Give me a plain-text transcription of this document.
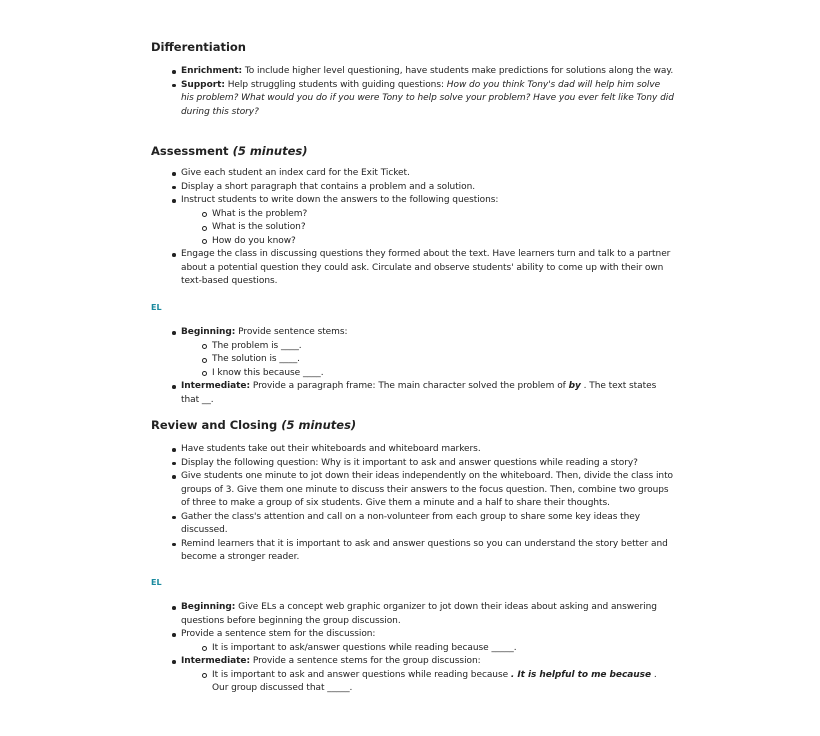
Differentiation
Enrichment: To include higher level questioning, have students make predictions for solutions along the way.
Support: Help struggling students with guiding questions: How do you think Tony's dad will help him solve his problem? What would you do if you were Tony to help solve your problem? Have you ever felt like Tony did during this story?
Assessment (5 minutes)
Give each student an index card for the Exit Ticket.
Display a short paragraph that contains a problem and a solution.
Instruct students to write down the answers to the following questions:
What is the problem?
What is the solution?
How do you know?
Engage the class in discussing questions they formed about the text. Have learners turn and talk to a partner about a potential question they could ask. Circulate and observe students' ability to come up with their own text-based questions.
EL
Beginning: Provide sentence stems:
The problem is ____.
The solution is ____.
I know this because ____.
Intermediate: Provide a paragraph frame: The main character solved the problem of by . The text states that __.
Review and Closing (5 minutes)
Have students take out their whiteboards and whiteboard markers.
Display the following question: Why is it important to ask and answer questions while reading a story?
Give students one minute to jot down their ideas independently on the whiteboard. Then, divide the class into groups of 3. Give them one minute to discuss their answers to the focus question. Then, combine two groups of three to make a group of six students. Give them a minute and a half to share their thoughts.
Gather the class's attention and call on a non-volunteer from each group to share some key ideas they discussed.
Remind learners that it is important to ask and answer questions so you can understand the story better and become a stronger reader.
EL
Beginning: Give ELs a concept web graphic organizer to jot down their ideas about asking and answering questions before beginning the group discussion.
Provide a sentence stem for the discussion:
It is important to ask/answer questions while reading because _____.
Intermediate: Provide a sentence stems for the group discussion:
It is important to ask and answer questions while reading because . It is helpful to me because . Our group discussed that _____.
